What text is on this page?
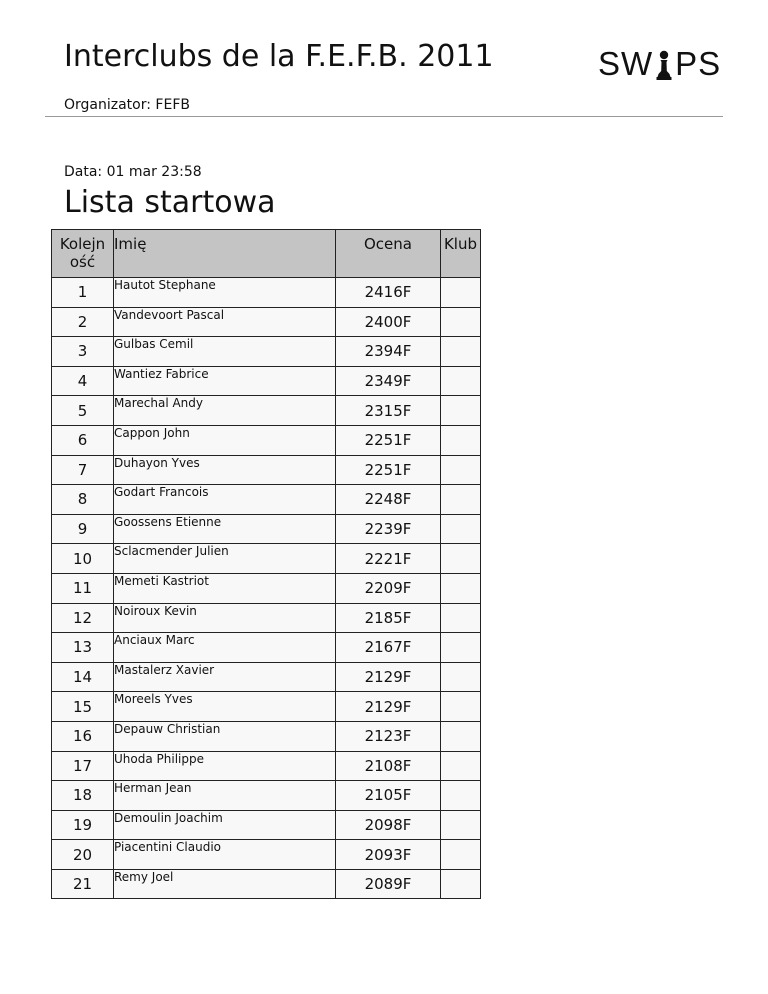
Interclubs de la F.E.F.B. 2011	SW PS
Organizator: FEFB
Data: 01 mar 23:58
Lista startowa
Kolejn ość	Imię	Ocena	Klub
1	Hautot Stephane	2416F	
2	Vandevoort Pascal	2400F	
3	Gulbas Cemil	2394F	
4	Wantiez Fabrice	2349F	
5	Marechal Andy	2315F	
6	Cappon John	2251F	
7	Duhayon Yves	2251F	
8	Godart Francois	2248F	
9	Goossens Etienne	2239F	
10	Sclacmender Julien	2221F	
11	Memeti Kastriot	2209F	
12	Noiroux Kevin	2185F	
13	Anciaux Marc	2167F	
14	Mastalerz Xavier	2129F	
15	Moreels Yves	2129F	
16	Depauw Christian	2123F	
17	Uhoda Philippe	2108F	
18	Herman Jean	2105F	
19	Demoulin Joachim	2098F	
20	Piacentini Claudio	2093F	
21	Remy Joel	2089F	
